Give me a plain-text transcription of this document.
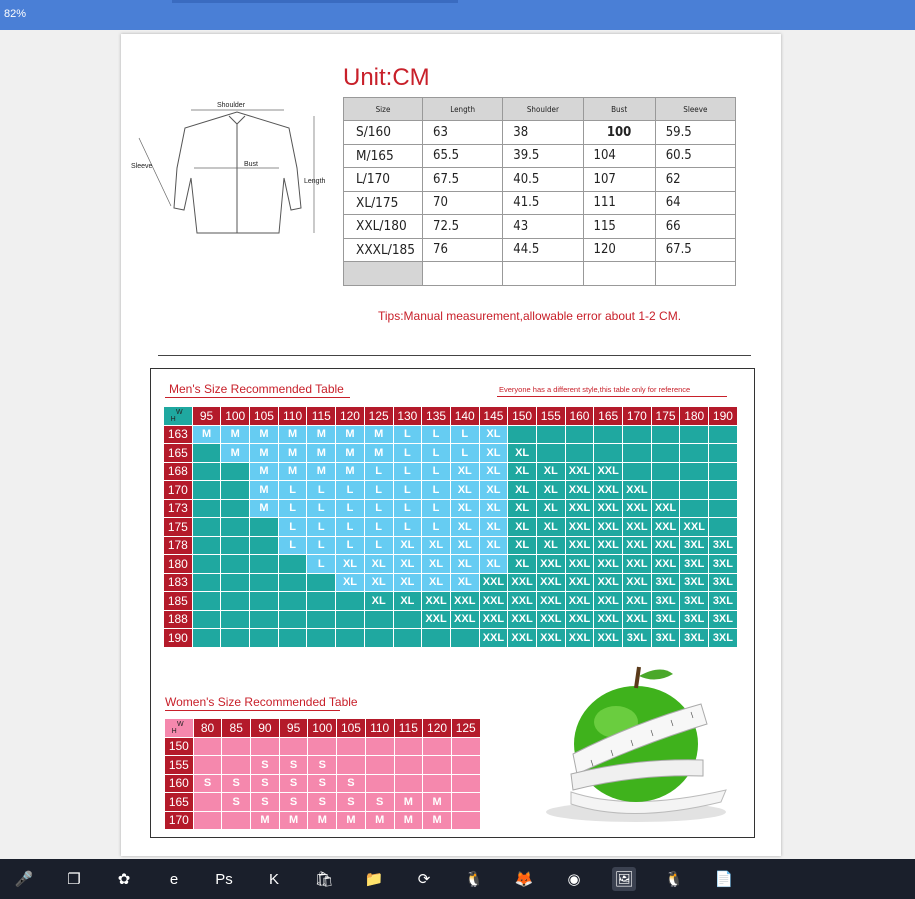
82%
Unit:CM
Shoulder
Sleeve	Bust
Length
Size	Length	Shoulder	Bust	Sleeve
S/160	63	38	100	59.5
M/165	65.5	39.5	104	60.5
L/170	67.5	40.5	107	62
XL/175	70	41.5	111	64
XXL/180	72.5	43	115	66
XXXL/185	76	44.5	120	67.5

Tips:Manual measurement,allowable error about 1-2 CM.
Men's Size Recommended Table	Everyone has a different style,this table only for reference
WH	95	100	105	110	115	120	125	130	135	140	145	150	155	160	165	170	175	180	190
163	M	M	M	M	M	M	M	L	L	L	XL								
165		M	M	M	M	M	M	L	L	L	XL	XL							
168			M	M	M	M	L	L	L	XL	XL	XL	XL	XXL	XXL				
170			M	L	L	L	L	L	L	XL	XL	XL	XL	XXL	XXL	XXL			
173			M	L	L	L	L	L	L	XL	XL	XL	XL	XXL	XXL	XXL	XXL		
175				L	L	L	L	L	L	XL	XL	XL	XL	XXL	XXL	XXL	XXL	XXL	
178				L	L	L	L	XL	XL	XL	XL	XL	XL	XXL	XXL	XXL	XXL	3XL	3XL
180					L	XL	XL	XL	XL	XL	XL	XL	XXL	XXL	XXL	XXL	XXL	3XL	3XL
183						XL	XL	XL	XL	XL	XXL	XXL	XXL	XXL	XXL	XXL	3XL	3XL	3XL
185							XL	XL	XXL	XXL	XXL	XXL	XXL	XXL	XXL	XXL	3XL	3XL	3XL
188									XXL	XXL	XXL	XXL	XXL	XXL	XXL	XXL	3XL	3XL	3XL
190											XXL	XXL	XXL	XXL	XXL	3XL	3XL	3XL	3XL
Women's Size Recommended Table
WH	80	85	90	95	100	105	110	115	120	125
150										
155			S	S	S					
160	S	S	S	S	S	S				
165		S	S	S	S	S	S	M	M	
170			M	M	M	M	M	M	M	
🎤	❐	✿	e	Ps	K	🛍 📁	⟳	🐧 🦊	◉	🖼 🐧 📄
